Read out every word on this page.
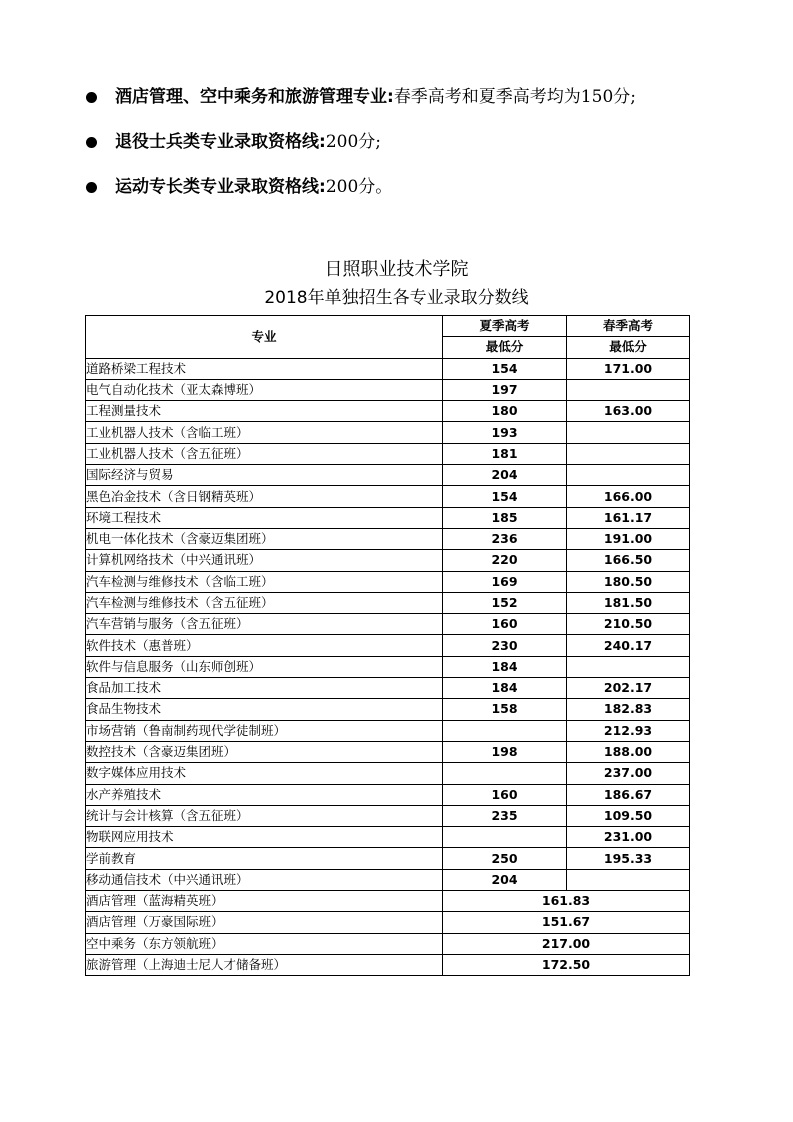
酒店管理、空中乘务和旅游管理专业:春季高考和夏季高考均为150分;
退役士兵类专业录取资格线:200分;
运动专长类专业录取资格线:200分。
日照职业技术学院
2018年单独招生各专业录取分数线
专业	夏季高考	春季高考
	最低分	最低分
道路桥梁工程技术	154	171.00
电气自动化技术（亚太森博班）	197	
工程测量技术	180	163.00
工业机器人技术（含临工班）	193	
工业机器人技术（含五征班）	181	
国际经济与贸易	204	
黑色冶金技术（含日钢精英班）	154	166.00
环境工程技术	185	161.17
机电一体化技术（含豪迈集团班）	236	191.00
计算机网络技术（中兴通讯班）	220	166.50
汽车检测与维修技术（含临工班）	169	180.50
汽车检测与维修技术（含五征班）	152	181.50
汽车营销与服务（含五征班）	160	210.50
软件技术（惠普班）	230	240.17
软件与信息服务（山东师创班）	184	
食品加工技术	184	202.17
食品生物技术	158	182.83
市场营销（鲁南制药现代学徒制班）		212.93
数控技术（含豪迈集团班）	198	188.00
数字媒体应用技术		237.00
水产养殖技术	160	186.67
统计与会计核算（含五征班）	235	109.50
物联网应用技术		231.00
学前教育	250	195.33
移动通信技术（中兴通讯班）	204	
酒店管理（蓝海精英班）	161.83	
酒店管理（万豪国际班）	151.67	
空中乘务（东方领航班）	217.00	
旅游管理（上海迪士尼人才储备班）	172.50	
